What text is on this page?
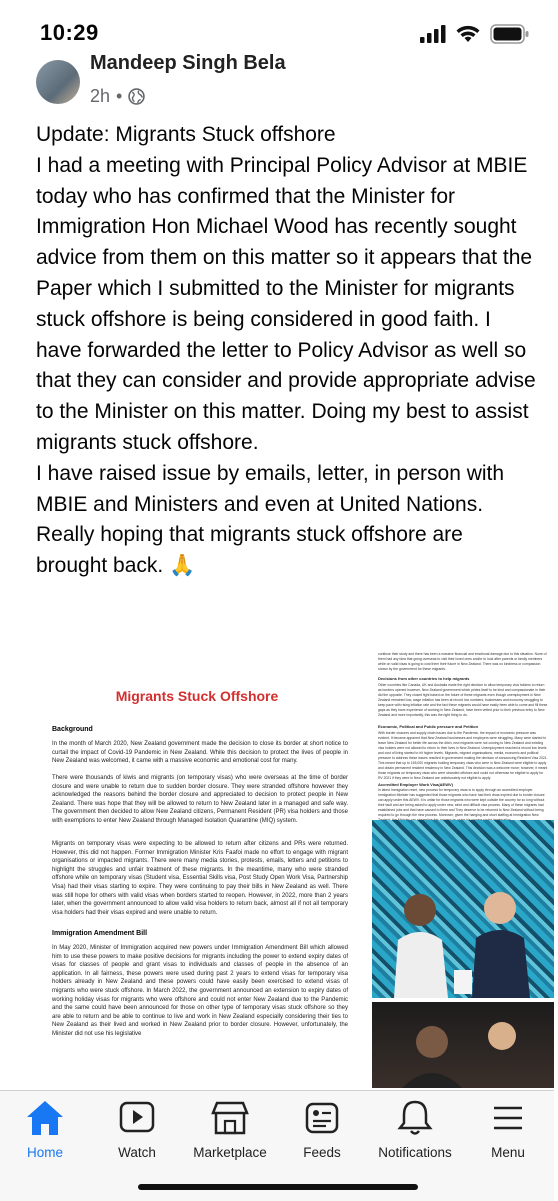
10:29
Mandeep Singh Bela
2h •

Update: Migrants Stuck offshore

I had a meeting with Principal Policy Advisor at MBIE today who has confirmed that the Minister for Immigration Hon Michael Wood has recently sought advice from them on this matter so it appears that the Paper which I submitted to the Minister for migrants stuck offshore is being considered in good faith. I have forwarded the letter to Policy Advisor as well so that they can consider and provide appropriate advise to the Minister on this matter. Doing my best to assist migrants stuck offshore.

I have raised issue by emails, letter, in person with MBIE and Ministers and even at United Nations. Really hoping that migrants stuck offshore are brought back. 🙏

Migrants Stuck Offshore
Background
In the month of March 2020, New Zealand government made the decision to close its border at short notice to curtail the impact of Covid-19 Pandemic in New Zealand. While this decision to protect the lives of people in New Zealand was welcomed, it came with a massive economic and emotional cost for many.
There were thousands of kiwis and migrants (on temporary visas) who were overseas at the time of border closure and were unable to return due to sudden border closure. They were stranded offshore however they acknowledged the reasons behind the border closure and appreciated to decision to protect people in New Zealand. There was hope that they will be allowed to return to New Zealand later in a managed and safe way. The government then decided to allow New Zealand citizens, Permanent Resident (PR) visa holders and those with exemptions to enter New Zealand through Managed Isolation Quarantine (MIQ) system.
Migrants on temporary visas were expecting to be allowed to return after citizens and PRs were returned. However, this did not happen. Former Immigration Minister Kris Faafoi made no effort to engage with migrant organisations or impacted migrants. There were many media stories, protests, emails, letters and petitions to highlight the struggles and unfair treatment of these migrants. In the meantime, many who were stranded offshore while on temporary visas (Student visa, Essential Skills visa, Post Study Open Work Visa, Partnership Visa) had their visas starting to expire. They were continuing to pay their bills in New Zealand as well. There was still hope for others with valid visas when borders started to reopen. However, in 2022, more than 2 years later, when the government announced to allow valid visa holders to return back, almost all if not all temporary visa holders had their visas expired and were unable to return.
Immigration Amendment Bill
In May 2020, Minister of Immigration acquired new powers under Immigration Amendment Bill which allowed him to use these powers to make positive decisions for migrants including the power to extend expiry dates of visas for classes of people and grant visas to individuals and classes of people in the absence of an application. In all fairness, these powers were used during past 2 years to extend visas for temporary visa holders already in New Zealand and these powers could have easily been exercised to extend visas of migrants who were stuck offshore. In March 2022, the government announced an extension to expiry dates of working holiday visas for migrants who were offshore and could not enter New Zealand due to the Pandemic and the same could have been announced for those on other type of temporary visas stuck offshore so they are able to return and be able to continue to live and work in New Zealand especially considering their ties to New Zealand as their lived and worked in New Zealand prior to border closure. However, unfortunately, the Minister did not use his legislative
continue their study and there has been a massive financial and emotional damage due to this situation. None of them had any idea that going overseas to visit their loved ones and/or to look after parents or family members while on valid visas is going to cost them their future in New Zealand. There was no kindness or compassion shown by the government for these migrants.
Decisions from other countries to help migrants
Other countries like Canada, UK and Australia made the right decision to allow temporary visa holders to return as borders opened however, New Zealand government which prides itself to be kind and compassionate in their did the opposite. They closed fight based on the future of these migrants even though unemployment in New Zealand remained low, wage inflation has been at record low numbers, businesses and economy struggling to keep pace with rising inflation rate and the fact these migrants would have easily been able to come and fill these gaps as they have experience of working in New Zealand, have been vetted prior to their previous entry to New Zealand and more importantly, this was the right thing to do.
Economic, Political and Public pressure and Petition
With border closures and supply chain issues due to the Pandemic, the impact of economic pressure was evident. It became apparent that New Zealand businesses and employers were struggling. Many were started to leave New Zealand for better life across the ditch, new migrants were not coming to New Zealand and existing visa holders were not allowed to return to their lives in New Zealand. Unemployment reached a record low levels and cost of living started to hit higher levels. Migrants, migrant organisations, media, economic and political pressure to address these issues resulted in government making the decision of announcing Resident Visa 2021. This meant that up to 165,000 migrants holding temporary visas who were in New Zealand were eligible to apply and obtain permanent resident residency in New Zealand. This decision was a welcome move; however, it meant those migrants on temporary visas who were stranded offshore and could not otherwise be eligible to apply for RV 2021 if they were in New Zealand are unfortunately not eligible to apply.
Accredited Employer Work Visa(AEWV)
In latest Immigration reset, new process for temporary visas is to apply through an accredited employer. Immigration Minister has suggested that those migrants who have had their visas expired due to border closure can apply under this AEWV. It is unfair for those migrants who were kept outside the country for so long without their fault and are being asked to apply under new, strict and difficult visa process. Many of these migrants had established jobs and that have caused to them and They deserve to be returned to New Zealand without being required to go through the new process. Moreover, given the hanging and short staffing at Immigration New
Home	Watch	Marketplace	Feeds	Notifications	Menu
